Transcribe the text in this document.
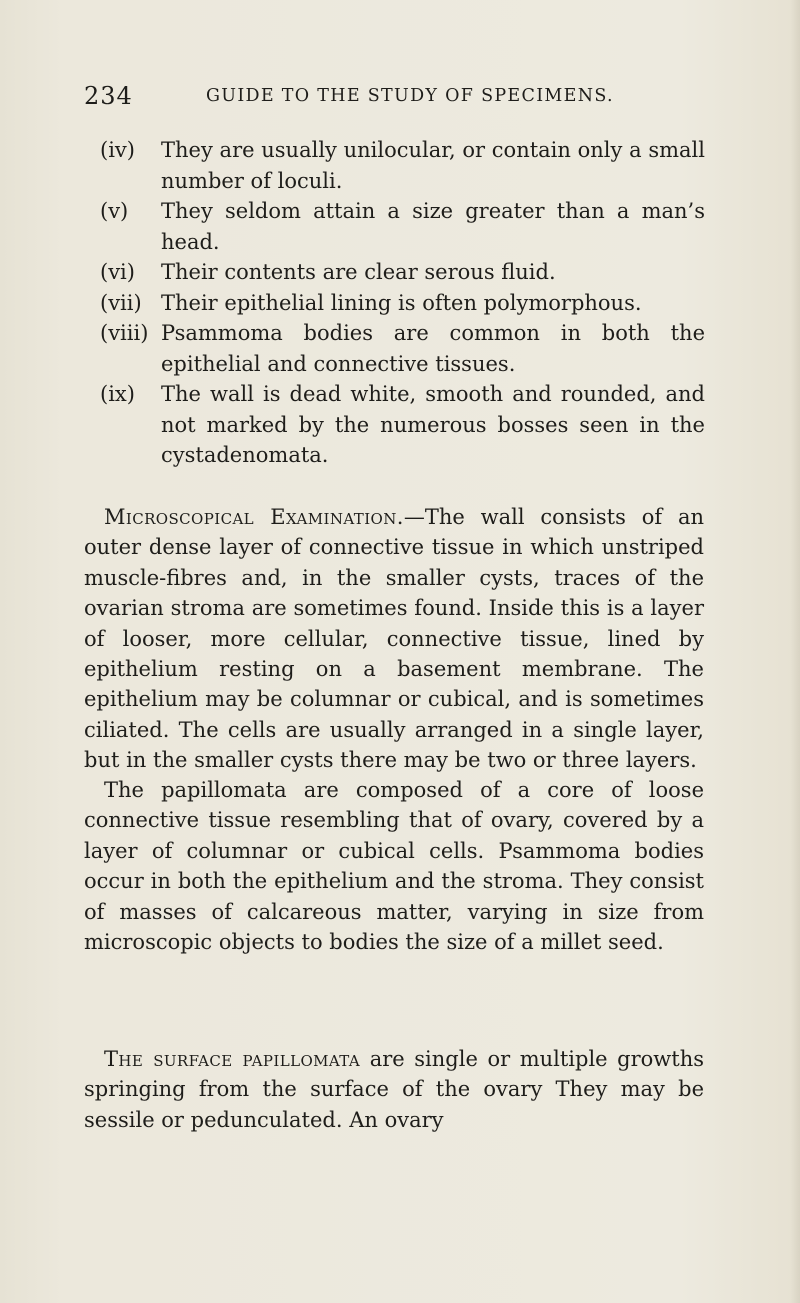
234	GUIDE TO THE STUDY OF SPECIMENS.
(iv)	They are usually unilocular, or contain only a small number of loculi.
(v)	They seldom attain a size greater than a man’s head.
(vi)	Their contents are clear serous fluid.
(vii) Their epithelial lining is often polymorphous.
(viii) Psammoma bodies are common in both the epithelial and connective tissues.
(ix)	The wall is dead white, smooth and rounded, and not marked by the numerous bosses seen in the cystadenomata.

Microscopical Examination.—The wall consists of an outer dense layer of connective tissue in which unstriped muscle-fibres and, in the smaller cysts, traces of the ovarian stroma are sometimes found. Inside this is a layer of looser, more cellular, connective tissue, lined by epithelium resting on a basement membrane. The epithelium may be columnar or cubical, and is sometimes ciliated. The cells are usually arranged in a single layer, but in the smaller cysts there may be two or three layers.

The papillomata are composed of a core of loose connective tissue resembling that of ovary, covered by a layer of columnar or cubical cells. Psammoma bodies occur in both the epithelium and the stroma. They consist of masses of calcareous matter, varying in size from microscopic objects to bodies the size of a millet seed.

The surface papillomata are single or multiple growths springing from the surface of the ovary They may be sessile or pedunculated. An ovary
